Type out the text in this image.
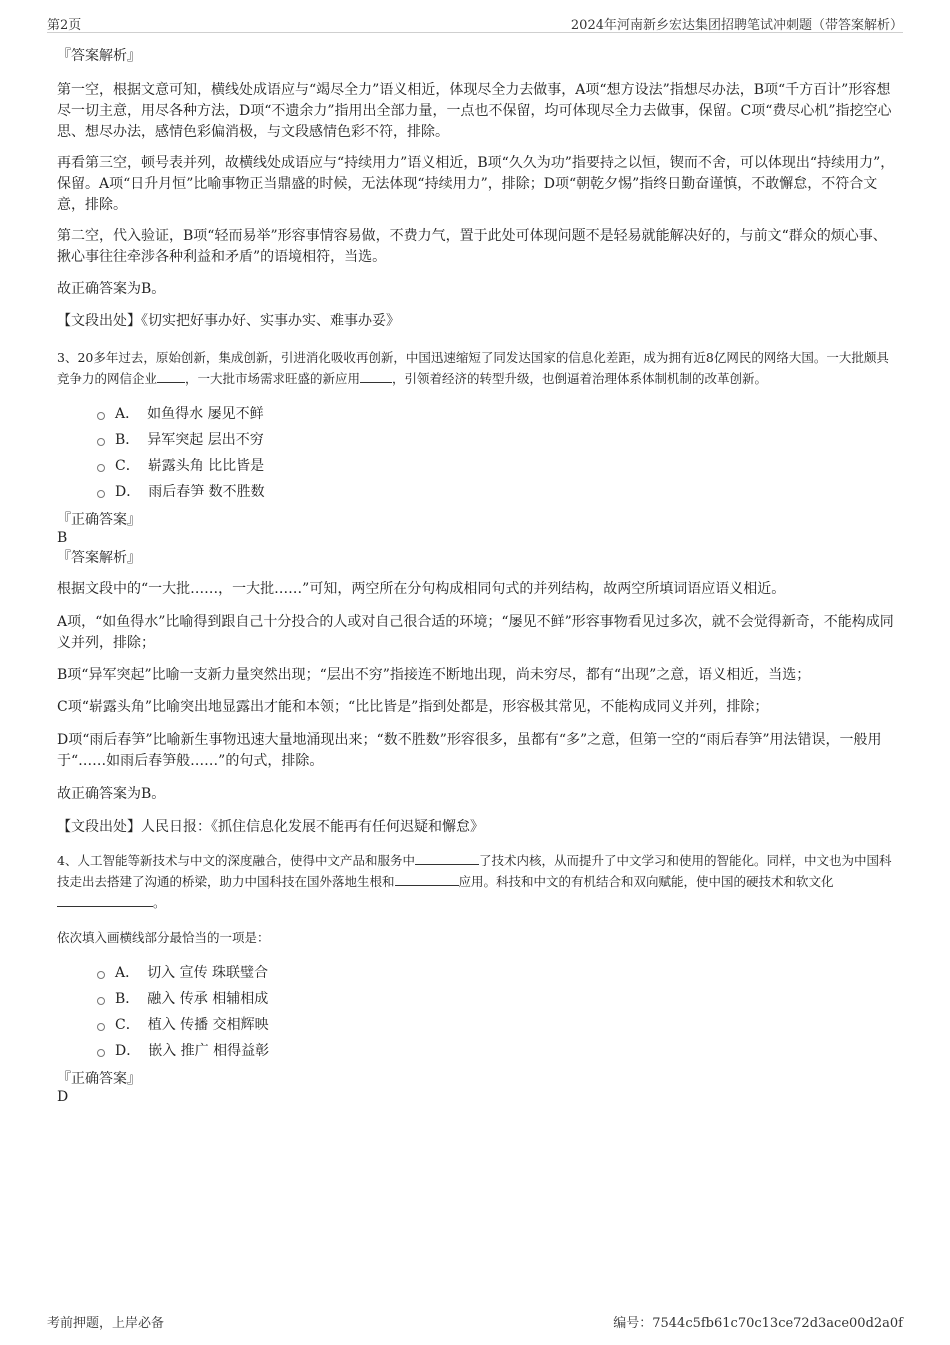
第2页	2024年河南新乡宏达集团招聘笔试冲刺题（带答案解析）
『答案解析』

第一空，根据文意可知，横线处成语应与“竭尽全力”语义相近，体现尽全力去做事，A项“想方设法”指想尽办法，B项“千方百计”形容想尽一切主意，用尽各种方法，D项“不遗余力”指用出全部力量，一点也不保留，均可体现尽全力去做事，保留。C项“费尽心机”指挖空心思、想尽办法，感情色彩偏消极，与文段感情色彩不符，排除。

再看第三空，顿号表并列，故横线处成语应与“持续用力”语义相近，B项“久久为功”指要持之以恒，锲而不舍，可以体现出“持续用力”，保留。A项“日升月恒”比喻事物正当鼎盛的时候，无法体现“持续用力”，排除；D项“朝乾夕惕”指终日勤奋谨慎，不敢懈怠，不符合文意，排除。

第二空，代入验证，B项“轻而易举”形容事情容易做，不费力气，置于此处可体现问题不是轻易就能解决好的，与前文“群众的烦心事、揪心事往往牵涉各种利益和矛盾”的语境相符，当选。

故正确答案为B。

【文段出处】《切实把好事办好、实事办实、难事办妥》

3、20多年过去，原始创新，集成创新，引进消化吸收再创新，中国迅速缩短了同发达国家的信息化差距，成为拥有近8亿网民的网络大国。一大批颇具竞争力的网信企业 ，一大批市场需求旺盛的新应用	，引领着经济的转型升级，也倒逼着治理体系体制机制的改革创新。

A． 如鱼得水 屡见不鲜
B． 异军突起 层出不穷
C． 崭露头角 比比皆是
D． 雨后春笋 数不胜数
『正确答案』
B
『答案解析』

根据文段中的“一大批……，一大批……”可知，两空所在分句构成相同句式的并列结构，故两空所填词语应语义相近。

A项，“如鱼得水”比喻得到跟自己十分投合的人或对自己很合适的环境；“屡见不鲜”形容事物看见过多次，就不会觉得新奇，不能构成同义并列，排除；

B项“异军突起”比喻一支新力量突然出现；“层出不穷”指接连不断地出现，尚未穷尽，都有“出现”之意，语义相近，当选；

C项“崭露头角”比喻突出地显露出才能和本领；“比比皆是”指到处都是，形容极其常见，不能构成同义并列，排除；

D项“雨后春笋”比喻新生事物迅速大量地涌现出来；“数不胜数”形容很多，虽都有“多”之意，但第一空的“雨后春笋”用法错误，一般用于“……如雨后春笋般……”的句式，排除。

故正确答案为B。

【文段出处】人民日报：《抓住信息化发展不能再有任何迟疑和懈怠》

4、人工智能等新技术与中文的深度融合，使得中文产品和服务中	了技术内核，从而提升了中文学习和使用的智能化。同样，中文也为中国科技走出去搭建了沟通的桥梁，助力中国科技在国外落地生根和	应用。科技和中文的有机结合和双向赋能，使中国的硬技术和软文化。

依次填入画横线部分最恰当的一项是：

A． 切入 宣传 珠联璧合
B． 融入 传承 相辅相成
C． 植入 传播 交相辉映
D． 嵌入 推广 相得益彰
『正确答案』
D
考前押题，上岸必备	编号：7544c5fb61c70c13ce72d3ace00d2a0f
